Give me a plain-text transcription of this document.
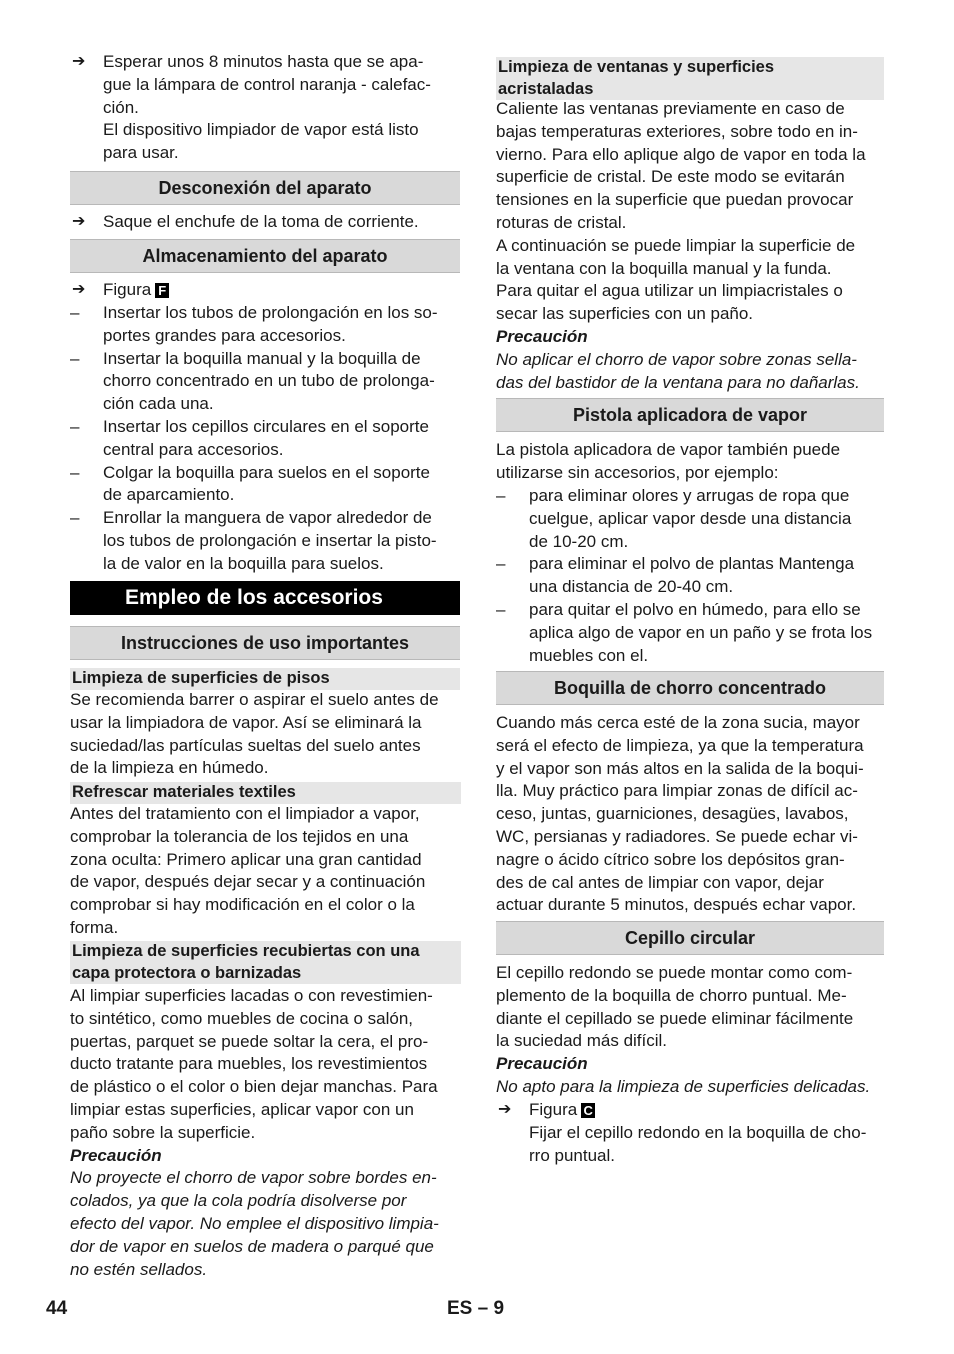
➔ Esperar unos 8 minutos hasta que se apa-
gue la lámpara de control naranja - calefac-
ción.
El dispositivo limpiador de vapor está listo
para usar.
Desconexión del aparato
➔ Saque el enchufe de la toma de corriente.
Almacenamiento del aparato
➔ Figura F
– Insertar los tubos de prolongación en los so-
portes grandes para accesorios.
– Insertar la boquilla manual y la boquilla de
chorro concentrado en un tubo de prolonga-
ción cada una.
– Insertar los cepillos circulares en el soporte
central para accesorios.
– Colgar la boquilla para suelos en el soporte
de aparcamiento.
– Enrollar la manguera de vapor alrededor de
los tubos de prolongación e insertar la pisto-
la de valor en la boquilla para suelos.
Empleo de los accesorios
Instrucciones de uso importantes
Limpieza de superficies de pisos
Se recomienda barrer o aspirar el suelo antes de
usar la limpiadora de vapor. Así se eliminará la
suciedad/las partículas sueltas del suelo antes
de la limpieza en húmedo.
Refrescar materiales textiles
Antes del tratamiento con el limpiador a vapor,
comprobar la tolerancia de los tejidos en una
zona oculta: Primero aplicar una gran cantidad
de vapor, después dejar secar y a continuación
comprobar si hay modificación en el color o la
forma.
Limpieza de superficies recubiertas con una
capa protectora o barnizadas
Al limpiar superficies lacadas o con revestimien-
to sintético, como muebles de cocina o salón,
puertas, parquet se puede soltar la cera, el pro-
ducto tratante para muebles, los revestimientos
de plástico o el color o bien dejar manchas. Para
limpiar estas superficies, aplicar vapor con un
paño sobre la superficie.
Precaución
No proyecte el chorro de vapor sobre bordes en-
colados, ya que la cola podría disolverse por
efecto del vapor. No emplee el dispositivo limpia-
dor de vapor en suelos de madera o parqué que
no estén sellados.
Limpieza de ventanas y superficies
acristaladas
Caliente las ventanas previamente en caso de
bajas temperaturas exteriores, sobre todo en in-
vierno. Para ello aplique algo de vapor en toda la
superficie de cristal. De este modo se evitarán
tensiones en la superficie que puedan provocar
roturas de cristal.
A continuación se puede limpiar la superficie de
la ventana con la boquilla manual y la funda.
Para quitar el agua utilizar un limpiacristales o
secar las superficies con un paño.
Precaución
No aplicar el chorro de vapor sobre zonas sella-
das del bastidor de la ventana para no dañarlas.
Pistola aplicadora de vapor
La pistola aplicadora de vapor también puede
utilizarse sin accesorios, por ejemplo:
– para eliminar olores y arrugas de ropa que
cuelgue, aplicar vapor desde una distancia
de 10-20 cm.
– para eliminar el polvo de plantas Mantenga
una distancia de 20-40 cm.
– para quitar el polvo en húmedo, para ello se
aplica algo de vapor en un paño y se frota los
muebles con el.
Boquilla de chorro concentrado
Cuando más cerca esté de la zona sucia, mayor
será el efecto de limpieza, ya que la temperatura
y el vapor son más altos en la salida de la boqui-
lla. Muy práctico para limpiar zonas de difícil ac-
ceso, juntas, guarniciones, desagües, lavabos,
WC, persianas y radiadores. Se puede echar vi-
nagre o ácido cítrico sobre los depósitos gran-
des de cal antes de limpiar con vapor, dejar
actuar durante 5 minutos, después echar vapor.
Cepillo circular
El cepillo redondo se puede montar como com-
plemento de la boquilla de chorro puntual. Me-
diante el cepillado se puede eliminar fácilmente
la suciedad más difícil.
Precaución
No apto para la limpieza de superficies delicadas.
➔ Figura C
Fijar el cepillo redondo en la boquilla de cho-
rro puntual.
44	ES – 9
